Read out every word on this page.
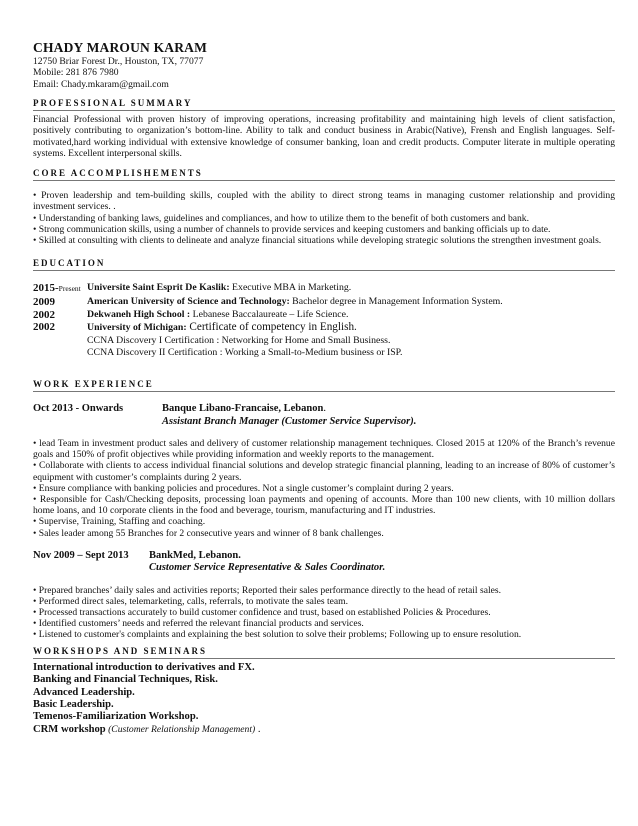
CHADY MAROUN KARAM
12750 Briar Forest Dr., Houston, TX, 77077
Mobile: 281 876 7980
Email: Chady.mkaram@gmail.com
PROFESSIONAL SUMMARY
Financial Professional with proven history of improving operations, increasing profitability and maintaining high levels of client satisfaction, positively contributing to organization’s bottom-line. Ability to talk and conduct business in Arabic(Native), Frensh and English languages. Self-motivated,hard working individual with extensive knowledge of consumer banking, loan and credit products. Computer literate in multiple operating systems. Excellent interpersonal skills.
CORE ACCOMPLISHEMENTS
• Proven leadership and tem-building skills, coupled with the ability to direct strong teams in managing customer relationship and providing investment services. .
• Understanding of banking laws, guidelines and compliances, and how to utilize them to the benefit of both customers and bank.
• Strong communication skills, using a number of channels to provide services and keeping customers and banking officials up to date.
• Skilled at consulting with clients to delineate and analyze financial situations while developing strategic solutions the strengthen investment goals.
EDUCATION
2015-Present Universite Saint Esprit De Kaslik: Executive MBA in Marketing.
2009	American University of Science and Technology: Bachelor degree in Management Information System.
2002	Dekwaneh High School : Lebanese Baccalaureate – Life Science.
2002	University of Michigan: Certificate of competency in English.
CCNA Discovery I Certification : Networking for Home and Small Business.
CCNA Discovery II Certification : Working a Small-to-Medium business or ISP.
WORK EXPERIENCE
Oct 2013 - Onwards	Banque Libano-Francaise, Lebanon.
Assistant Branch Manager (Customer Service Supervisor).
• lead Team in investment product sales and delivery of customer relationship management techniques. Closed 2015 at 120% of the Branch’s revenue goals and 150% of profit objectives while providing information and weekly reports to the management.
• Collaborate with clients to access individual financial solutions and develop strategic financial planning, leading to an increase of 80% of customer’s equipment with customer’s complaints during 2 years.
• Ensure compliance with banking policies and procedures. Not a single customer’s complaint during 2 years.
• Responsible for Cash/Checking deposits, processing loan payments and opening of accounts. More than 100 new clients, with 10 million dollars home loans, and 10 corporate clients in the food and beverage, tourism, manufacturing and IT industries.
• Supervise, Training, Staffing and coaching.
• Sales leader among 55 Branches for 2 consecutive years and winner of 8 bank challenges.
Nov 2009 – Sept 2013	BankMed, Lebanon.
Customer Service Representative & Sales Coordinator.
• Prepared branches’ daily sales and activities reports; Reported their sales performance directly to the head of retail sales.
• Performed direct sales, telemarketing, calls, referrals, to motivate the sales team.
• Processed transactions accurately to build customer confidence and trust, based on established Policies & Procedures.
• Identified customers’ needs and referred the relevant financial products and services.
• Listened to customer's complaints and explaining the best solution to solve their problems; Following up to ensure resolution.
WORKSHOPS AND SEMINARS
International introduction to derivatives and FX.
Banking and Financial Techniques, Risk.
Advanced Leadership.
Basic Leadership.
Temenos-Familiarization Workshop.
CRM workshop (Customer Relationship Management) .
